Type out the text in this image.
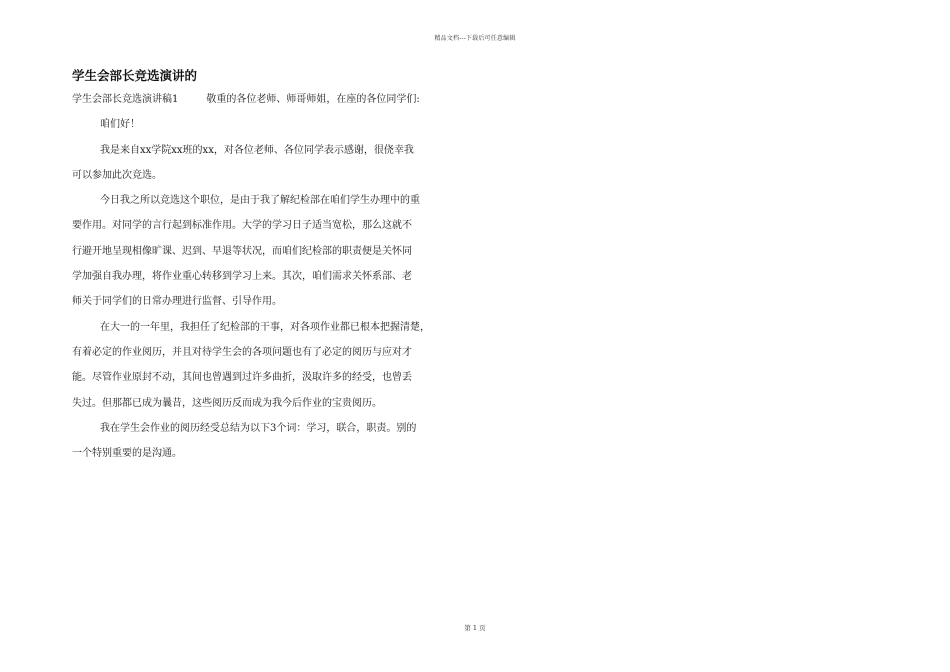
精品文档---下载后可任意编辑
学生会部长竞选演讲的
学生会部长竞选演讲稿1	敬重的各位老师、师哥师姐，在座的各位同学们:
咱们好！
我是来自xx学院xx班的xx，对各位老师、各位同学表示感谢，很侥幸我
可以参加此次竞选。
今日我之所以竞选这个职位，是由于我了解纪检部在咱们学生办理中的重
要作用。对同学的言行起到标准作用。大学的学习日子适当宽松，那么这就不
行避开地呈现相像旷课、迟到、早退等状况，而咱们纪检部的职责便是关怀同
学加强自我办理，将作业重心转移到学习上来。其次，咱们需求关怀系部、老
师关于同学们的日常办理进行监督、引导作用。
在大一的一年里，我担任了纪检部的干事，对各项作业都已根本把握清楚，
有着必定的作业阅历，并且对待学生会的各项问题也有了必定的阅历与应对才
能。尽管作业原封不动，其间也曾遇到过许多曲折，汲取许多的经受，也曾丢
失过。但那都已成为曩昔，这些阅历反而成为我今后作业的宝贵阅历。
我在学生会作业的阅历经受总结为以下3个词：学习，联合，职责。别的
一个特别重要的是沟通。
第 1 页
